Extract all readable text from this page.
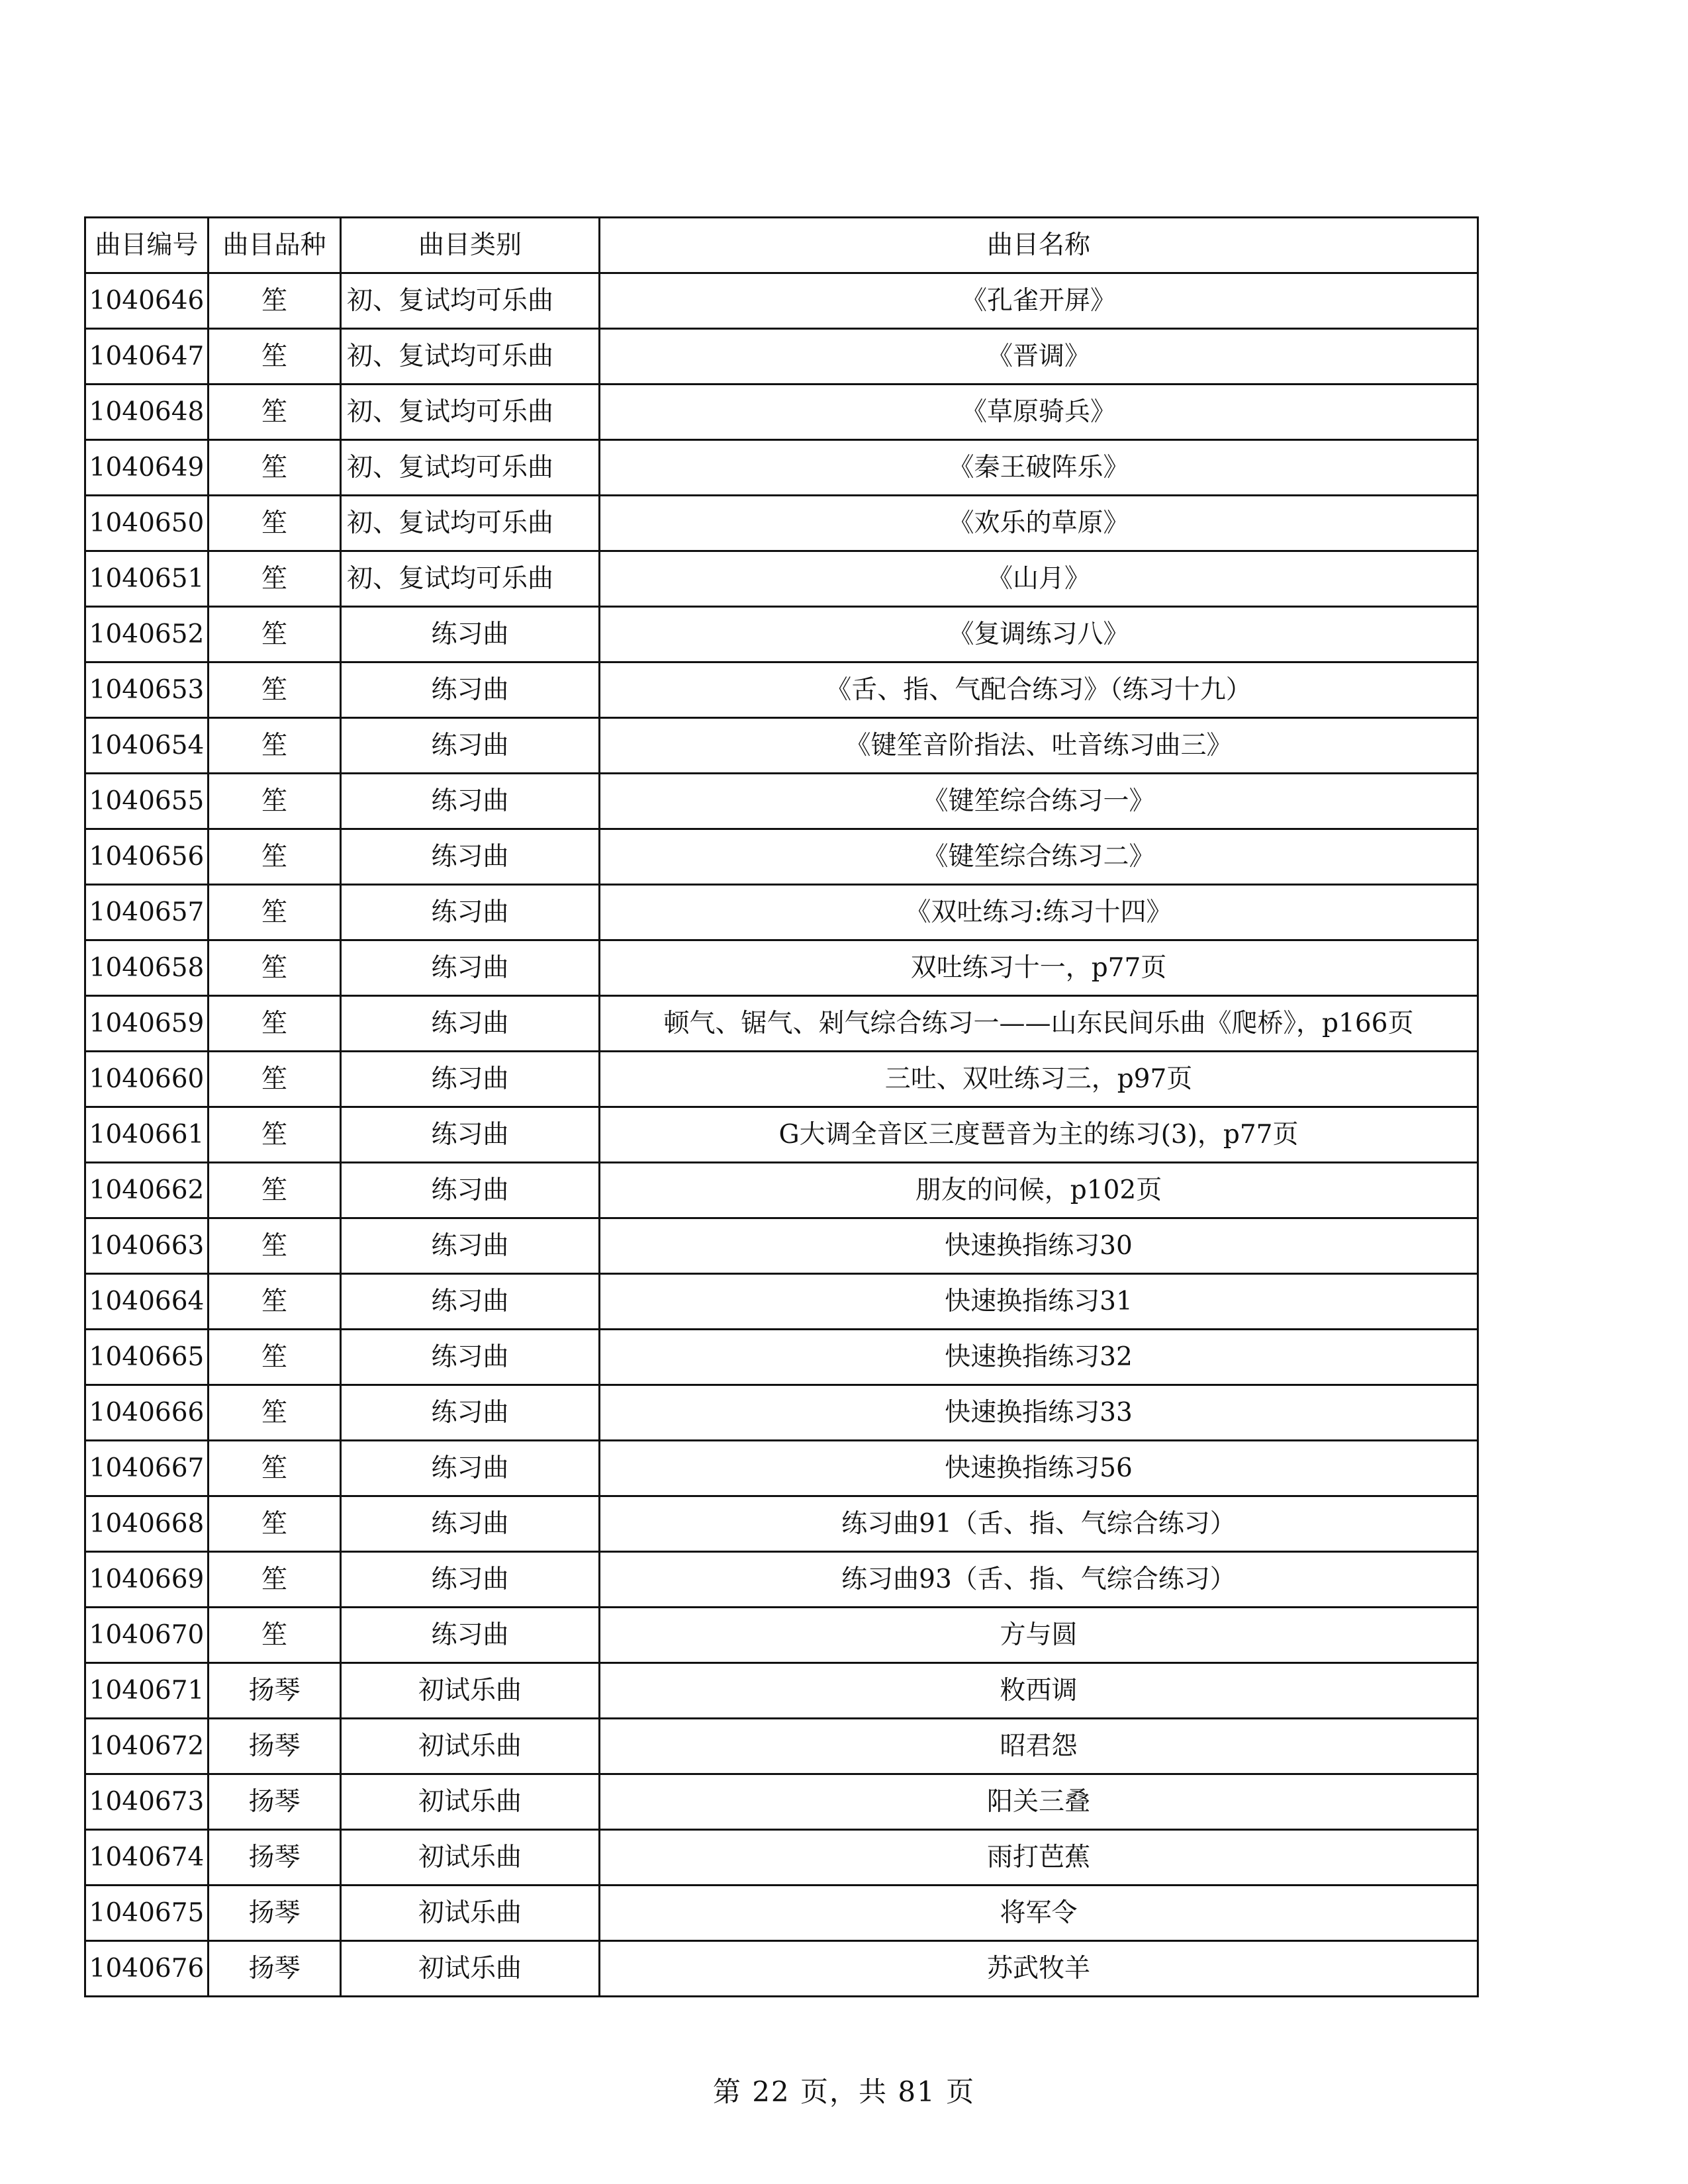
曲目编号	曲目品种	曲目类别	曲目名称
1040646	笙	初、复试均可乐曲	《孔雀开屏》
1040647	笙	初、复试均可乐曲	《晋调》
1040648	笙	初、复试均可乐曲	《草原骑兵》
1040649	笙	初、复试均可乐曲	《秦王破阵乐》
1040650	笙	初、复试均可乐曲	《欢乐的草原》
1040651	笙	初、复试均可乐曲	《山月》
1040652	笙	练习曲	《复调练习八》
1040653	笙	练习曲	《舌、指、气配合练习》（练习十九）
1040654	笙	练习曲	《键笙音阶指法、吐音练习曲三》
1040655	笙	练习曲	《键笙综合练习一》
1040656	笙	练习曲	《键笙综合练习二》
1040657	笙	练习曲	《双吐练习:练习十四》
1040658	笙	练习曲	双吐练习十一，p77页
1040659	笙	练习曲	顿气、锯气、剁气综合练习一——山东民间乐曲《爬桥》，p166页
1040660	笙	练习曲	三吐、双吐练习三，p97页
1040661	笙	练习曲	G大调全音区三度琶音为主的练习(3)，p77页
1040662	笙	练习曲	朋友的问候，p102页
1040663	笙	练习曲	快速换指练习30
1040664	笙	练习曲	快速换指练习31
1040665	笙	练习曲	快速换指练习32
1040666	笙	练习曲	快速换指练习33
1040667	笙	练习曲	快速换指练习56
1040668	笙	练习曲	练习曲91（舌、指、气综合练习）
1040669	笙	练习曲	练习曲93（舌、指、气综合练习）
1040670	笙	练习曲	方与圆
1040671	扬琴	初试乐曲	敉西调
1040672	扬琴	初试乐曲	昭君怨
1040673	扬琴	初试乐曲	阳关三叠
1040674	扬琴	初试乐曲	雨打芭蕉
1040675	扬琴	初试乐曲	将军令
1040676	扬琴	初试乐曲	苏武牧羊
第 22 页，共 81 页
